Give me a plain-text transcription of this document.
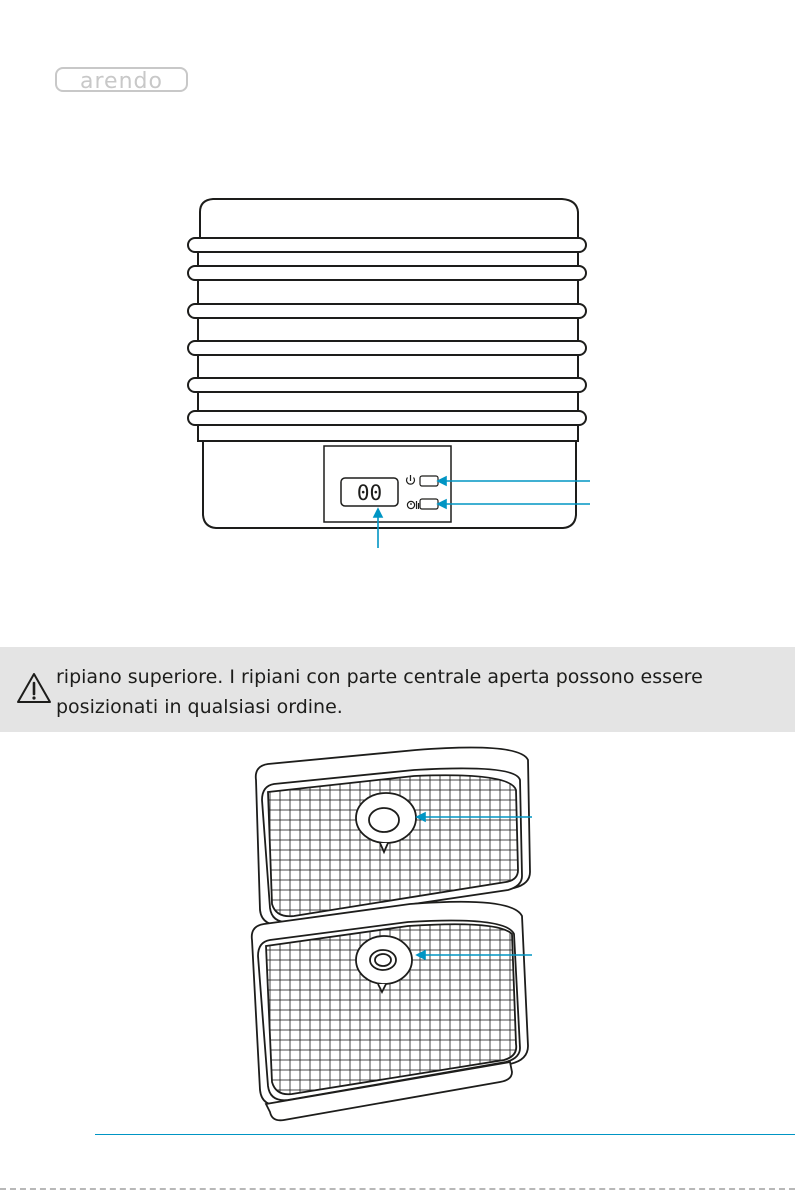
arendo
00

ripiano superiore. I ripiani con parte centrale aperta possono essere
posizionati in qualsiasi ordine.
